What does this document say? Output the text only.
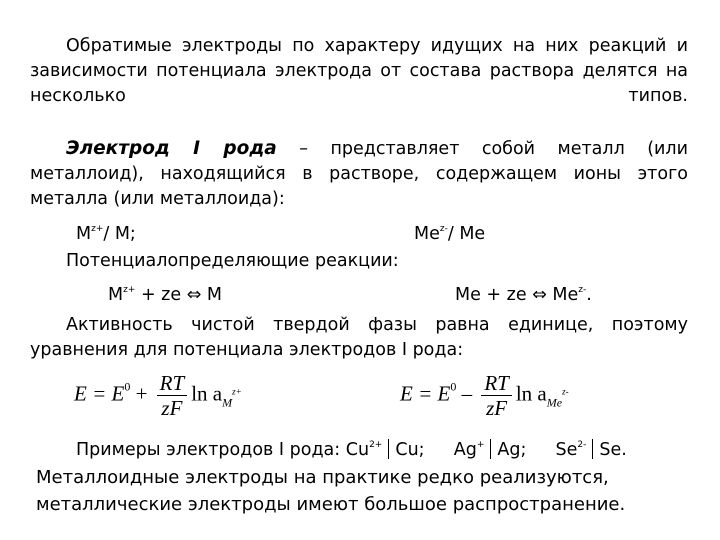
Обратимые электроды по характеру идущих на них реакций и зависимости потенциала электрода от состава раствора делятся на несколько типов.
Электрод I рода – представляет собой металл (или
металлоид), находящийся в растворе, содержащем ионы этого металла (или металлоида):
$M^{z+}/$ M;	$Me^{z-}/$ Me
Потенциалопределяющие реакции:
$M^{z+}$ + ze ⇔ M	Me + ze ⇔ $Me^{z-}$.
Активность чистой твердой фазы равна единице, поэтому уравнения для потенциала электродов I рода:
$E = E^0 + \frac{RT}{zF}$ $\ln a_M^{z+}$	$E = E^0 - \frac{RT}{zF}$ $\ln a_{Me}^{z-}$
Примеры электродов I рода: $Cu^{2+}$ Cu; Ag+ Ag; $Se^{2-}$ Se.
Металлоидные электроды на практике редко реализуются, металлические электроды имеют большое распространение.
